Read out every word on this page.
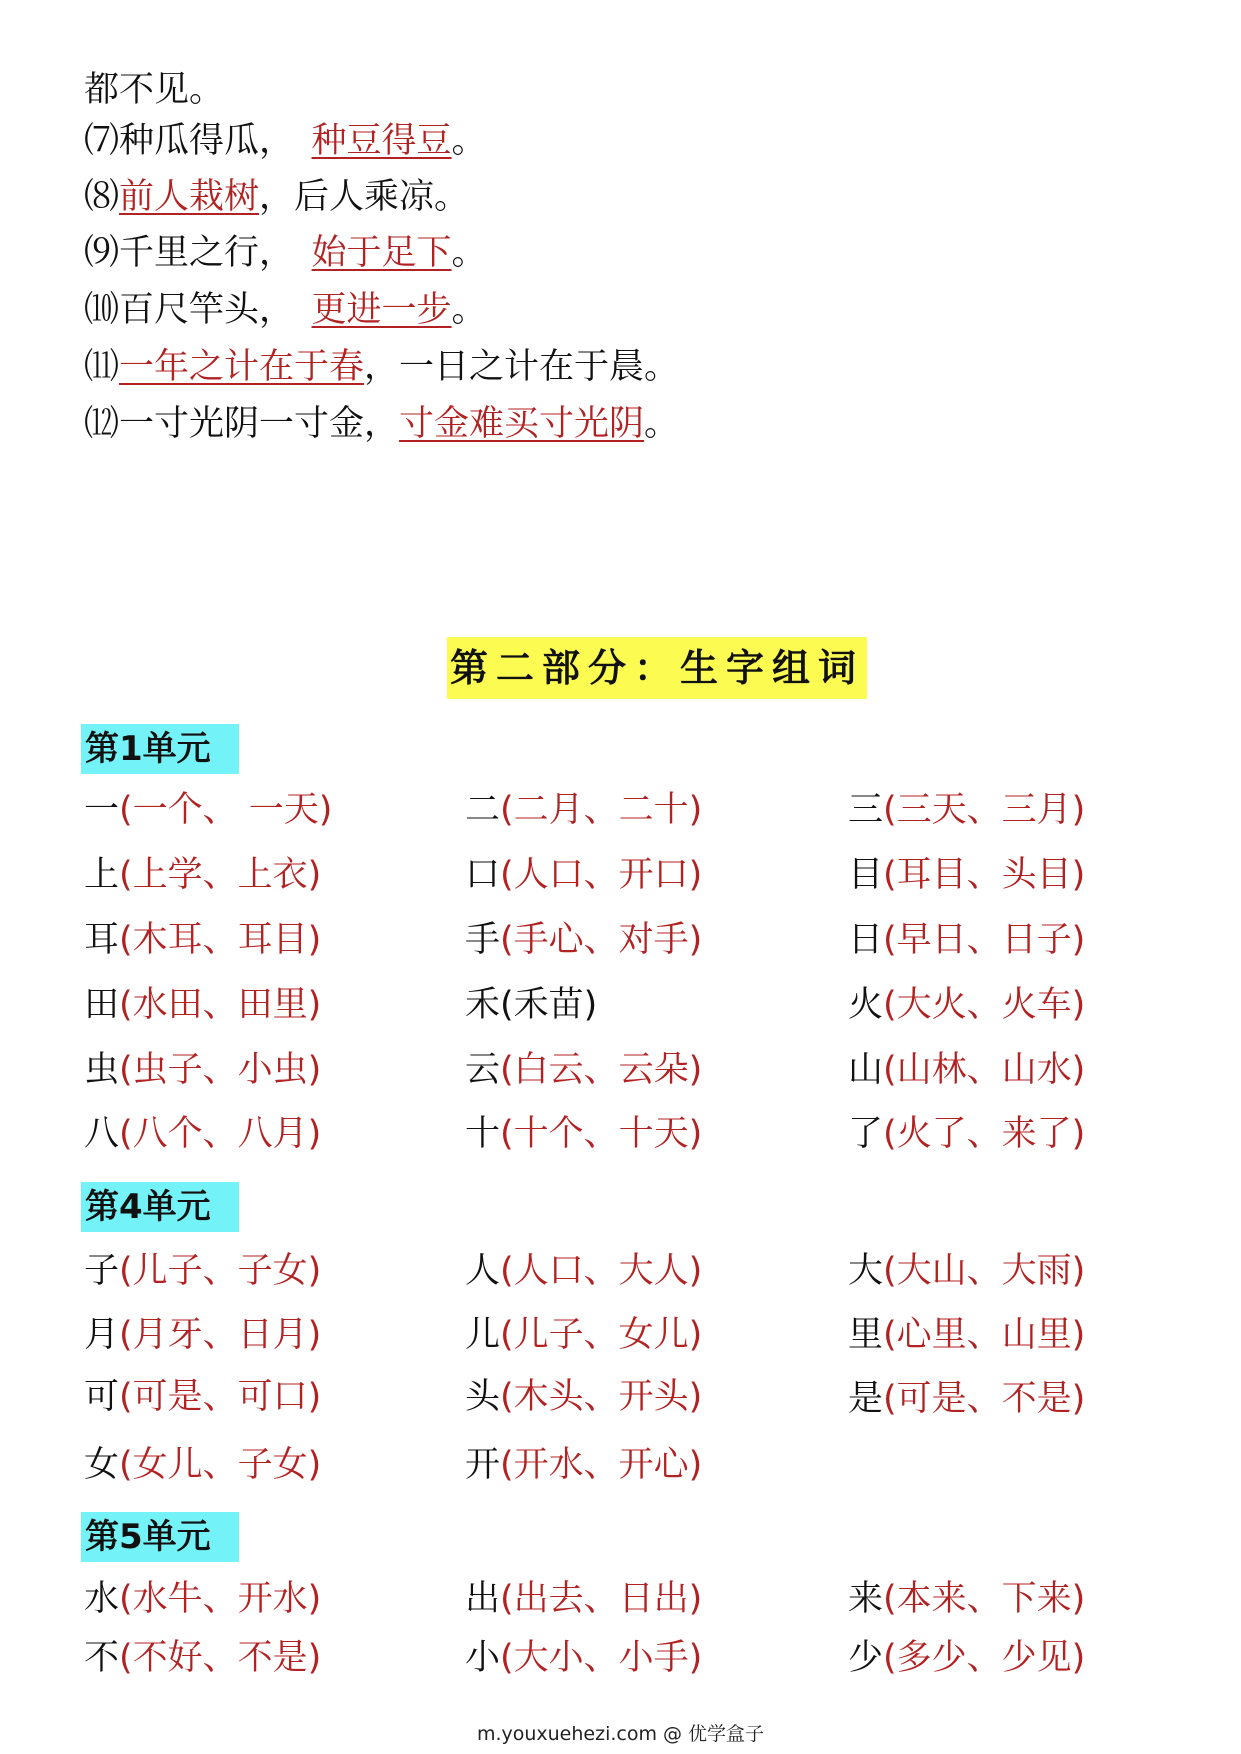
都不见。
⑺种瓜得瓜，　种豆得豆。
⑻前人栽树，后人乘凉。
⑼千里之行，　始于足下。
⑽百尺竿头，　更进一步。
⑾一年之计在于春，一日之计在于晨。
⑿一寸光阴一寸金，寸金难买寸光阴。
第二部分：生字组词
第1单元
一(一个、 一天)	二(二月、二十)	三(三天、三月)
上(上学、上衣)	口(人口、开口)	目(耳目、头目)
耳(木耳、耳目)	手(手心、对手)	日(早日、日子)
田(水田、田里)	禾(禾苗)	火(大火、火车)
虫(虫子、小虫)	云(白云、云朵)	山(山林、山水)
八(八个、八月)	十(十个、十天)	了(火了、来了)
第4单元
子(儿子、子女)	人(人口、大人)	大(大山、大雨)
月(月牙、日月)	儿(儿子、女儿)	里(心里、山里)
可(可是、可口)	头(木头、开头)	是(可是、不是)
女(女儿、子女)	开(开水、开心)
第5单元
水(水牛、开水)	出(出去、日出)	来(本来、下来)
不(不好、不是)	小(大小、小手)	少(多少、少见)
m.youxuehezi.com @ 优学盒子
